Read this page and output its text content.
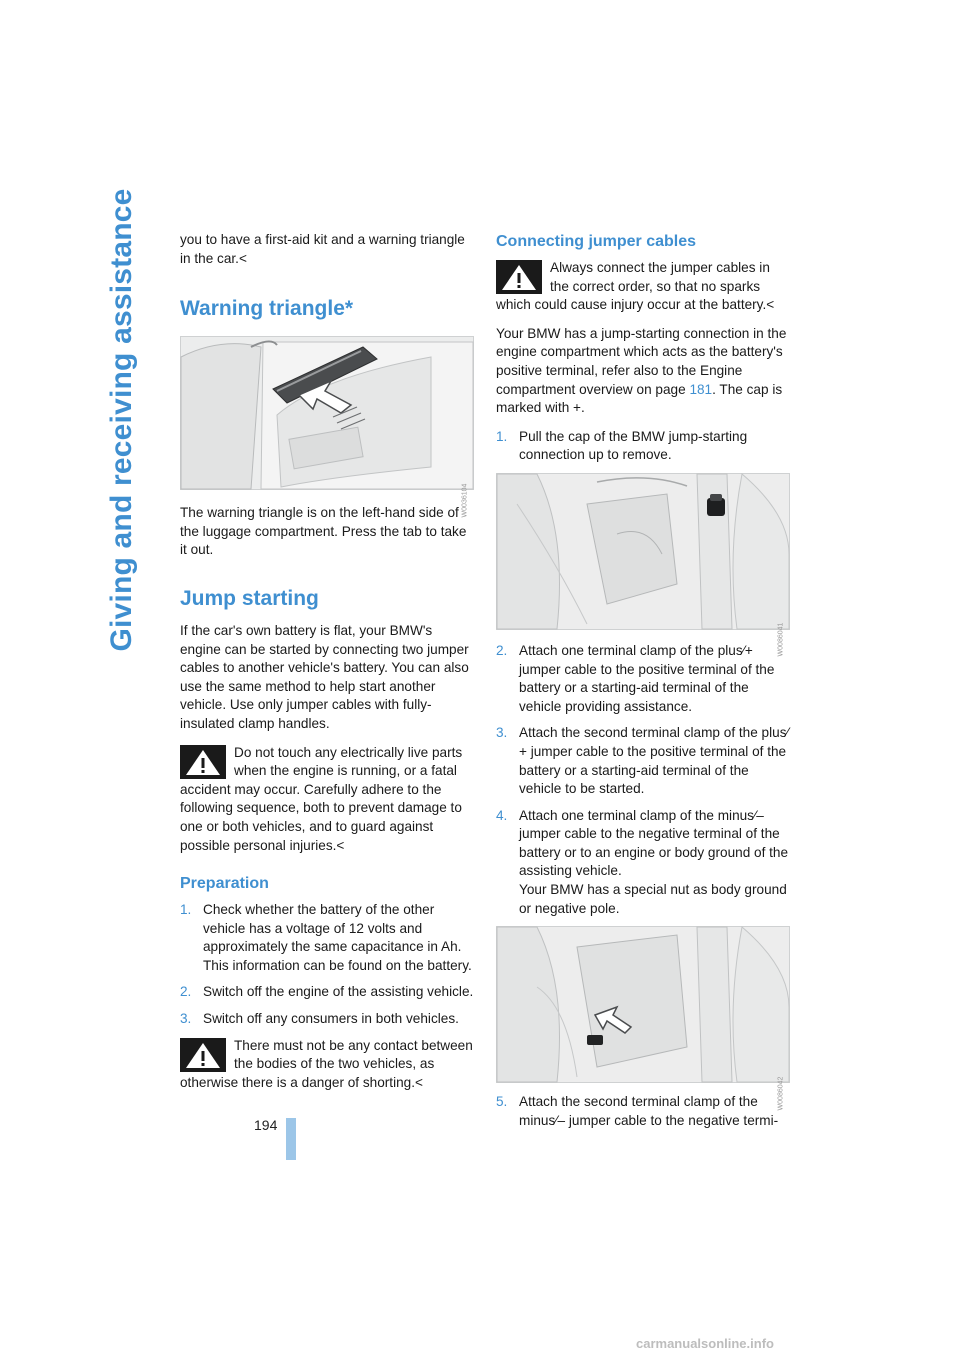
Giving and receiving assistance
194

you to have a first-aid kit and a warning triangle in the car.<

Warning triangle*
W0036104

The warning triangle is on the left-hand side of the luggage compartment. Press the tab to take it out.

Jump starting

If the car's own battery is flat, your BMW's engine can be started by connecting two jumper cables to another vehicle's battery. You can also use the same method to help start another vehicle. Use only jumper cables with fully-insulated clamp handles.

Do not touch any electrically live parts when the engine is running, or a fatal accident may occur. Carefully adhere to the following sequence, both to prevent damage to one or both vehicles, and to guard against possible personal injuries.<
Preparation
1. Check whether the battery of the other vehicle has a voltage of 12 volts and approximately the same capacitance in Ah. This information can be found on the battery.
2. Switch off the engine of the assisting vehicle.
3. Switch off any consumers in both vehicles.
There must not be any contact between the bodies of the two vehicles, as otherwise there is a danger of shorting.<
Connecting jumper cables
Always connect the jumper cables in the correct order, so that no sparks which could cause injury occur at the battery.<

Your BMW has a jump-starting connection in the engine compartment which acts as the battery's positive terminal, refer also to the Engine compartment overview on page 181. The cap is marked with +.

1. Pull the cap of the BMW jump-starting connection up to remove.
W0086041
2. Attach one terminal clamp of the plus⁄+ jumper cable to the positive terminal of the battery or a starting-aid terminal of the vehicle providing assistance.
3. Attach the second terminal clamp of the plus⁄+ jumper cable to the positive terminal of the battery or a starting-aid terminal of the vehicle to be started.
4. Attach one terminal clamp of the minus⁄– jumper cable to the negative terminal of the battery or to an engine or body ground of the assisting vehicle.
Your BMW has a special nut as body ground or negative pole.
W0086042
5. Attach the second terminal clamp of the minus⁄– jumper cable to the negative termi-
carmanualsonline.info
